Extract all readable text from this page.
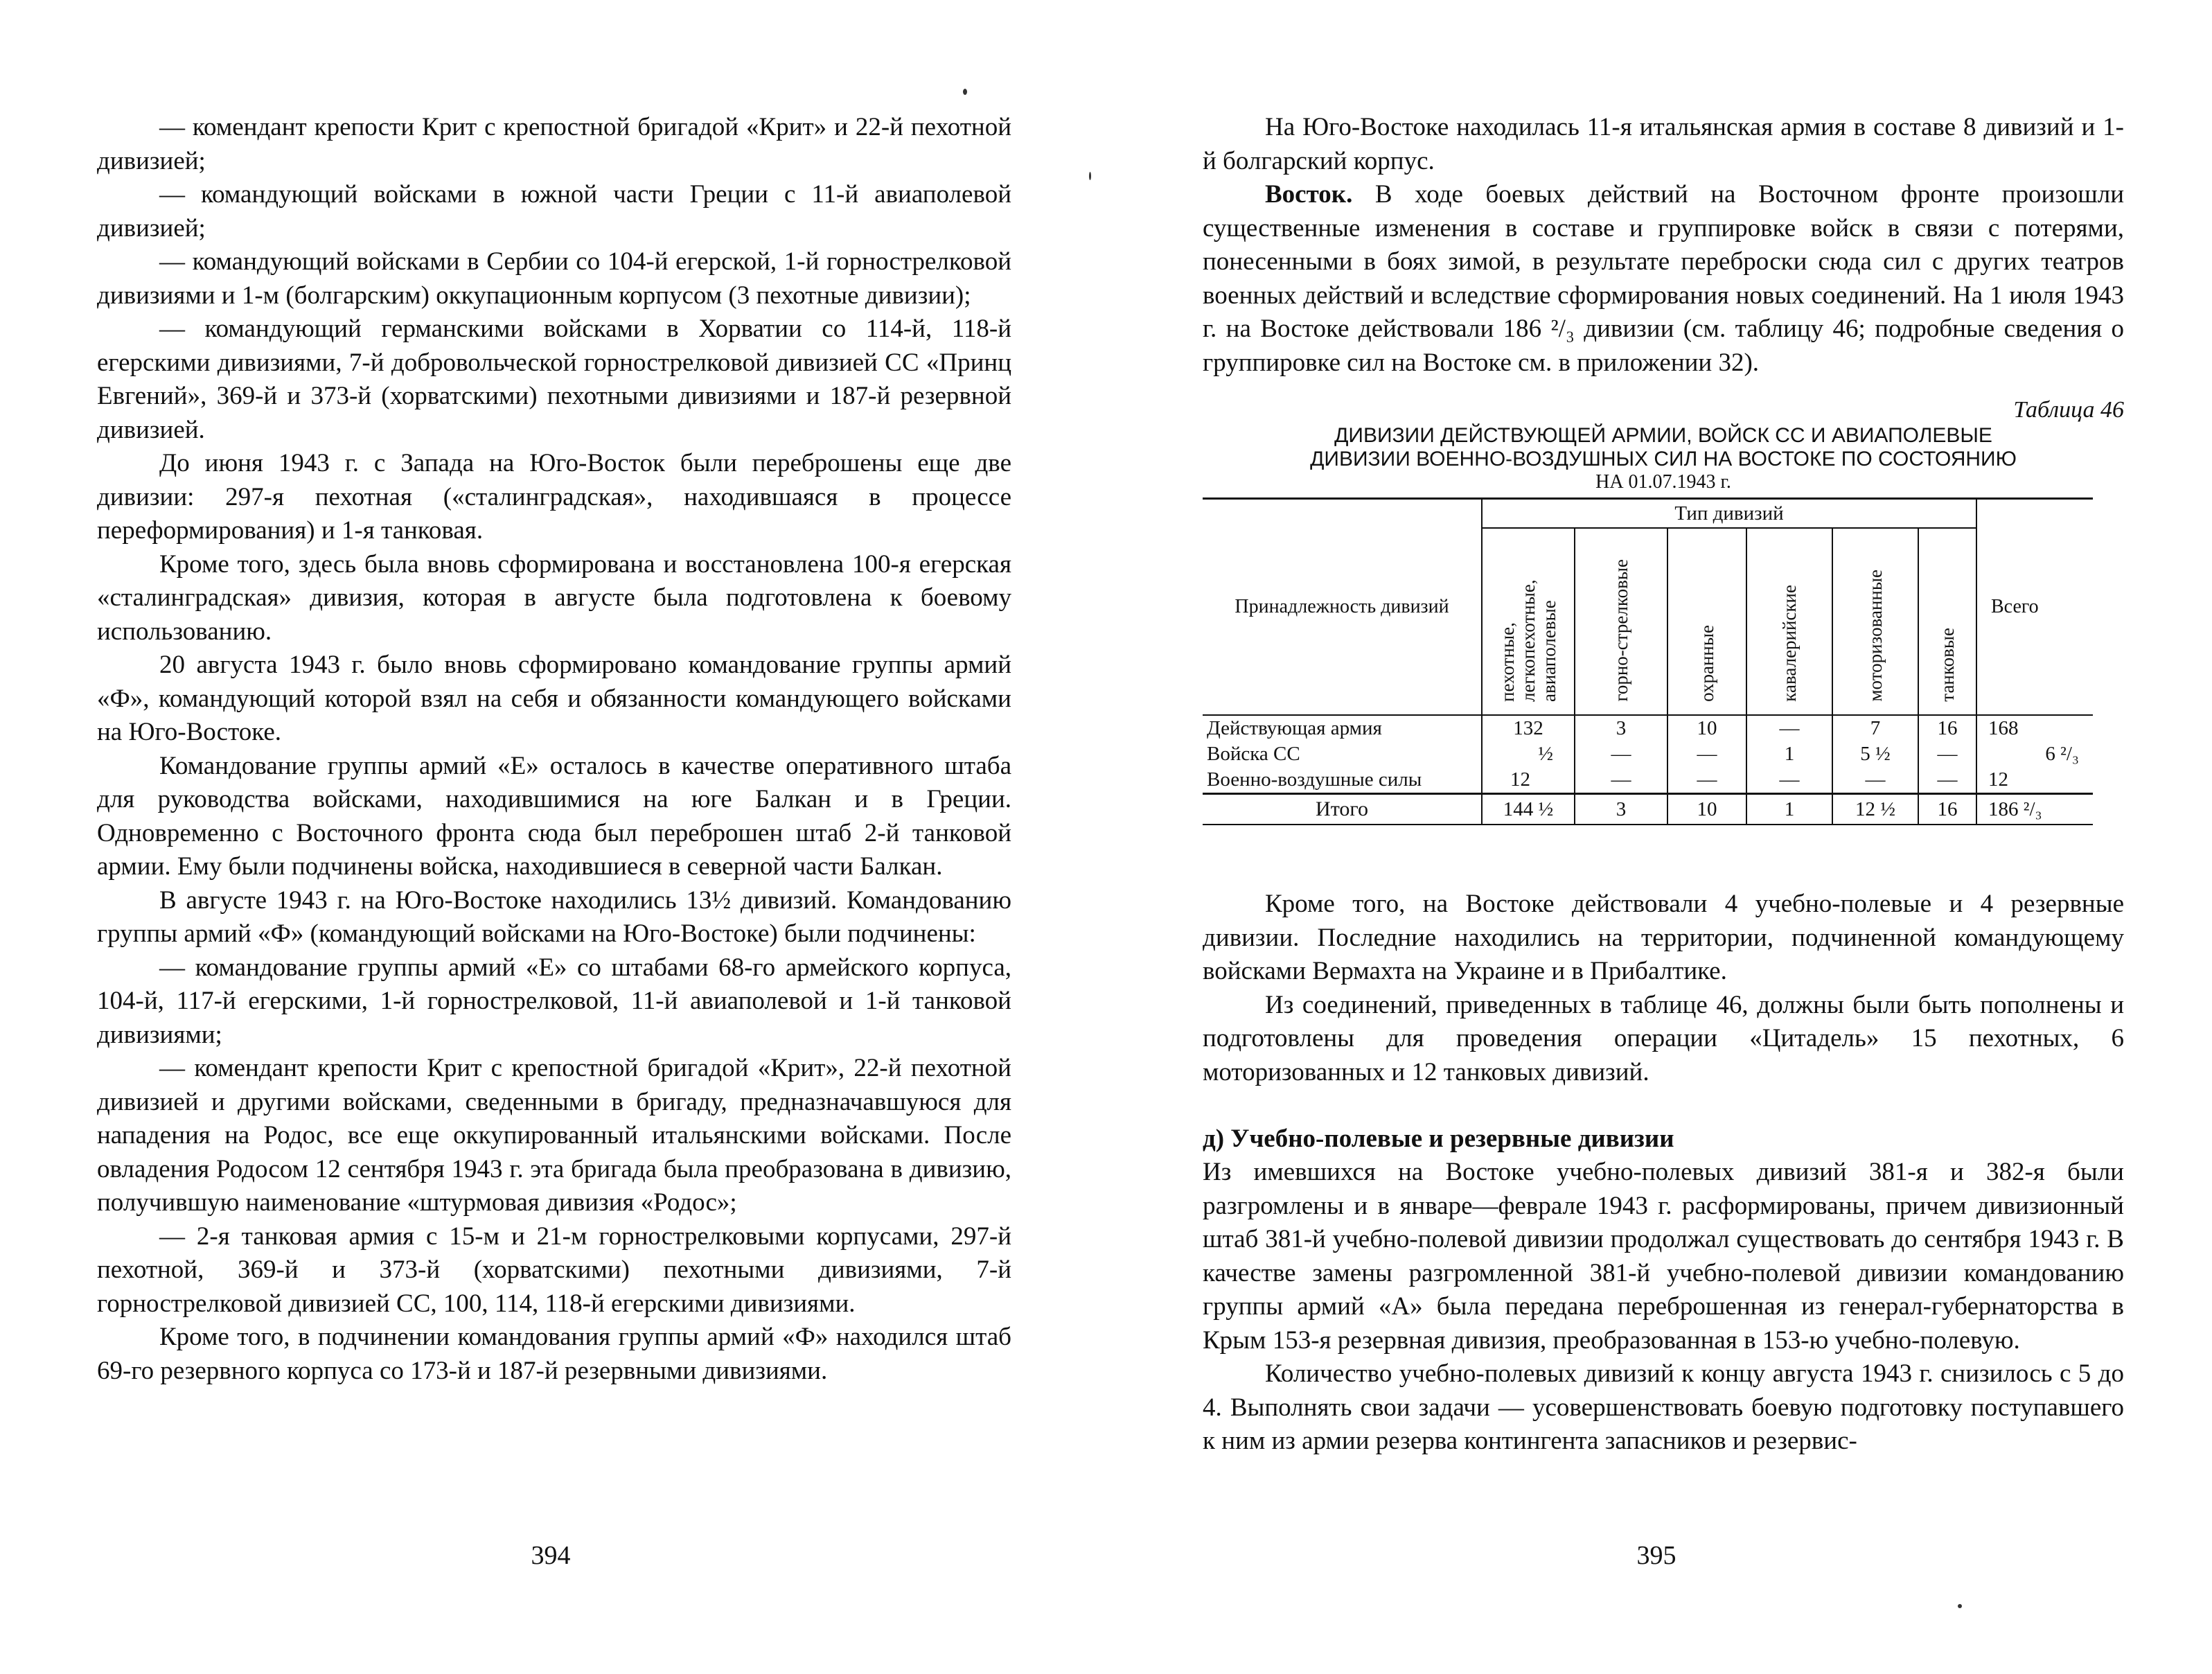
— комендант крепости Крит с крепостной бригадой «Крит» и 22-й пехотной дивизией;

— командующий войсками в южной части Греции с 11-й авиаполевой дивизией;

— командующий войсками в Сербии со 104-й егерской, 1-й горнострелковой дивизиями и 1-м (болгарским) оккупационным корпусом (3 пехотные дивизии);

— командующий германскими войсками в Хорватии со 114-й, 118-й егерскими дивизиями, 7-й добровольческой горнострелковой дивизией СС «Принц Евгений», 369-й и 373-й (хорватскими) пехотными дивизиями и 187-й резервной дивизией.

До июня 1943 г. с Запада на Юго-Восток были переброшены еще две дивизии: 297-я пехотная («сталинградская», находившаяся в процессе переформирования) и 1-я танковая.

Кроме того, здесь была вновь сформирована и восстановлена 100-я егерская «сталинградская» дивизия, которая в августе была подготовлена к боевому использованию.

20 августа 1943 г. было вновь сформировано командование группы армий «Ф», командующий которой взял на себя и обязанности командующего войсками на Юго-Востоке.

Командование группы армий «Е» осталось в качестве оперативного штаба для руководства войсками, находившимися на юге Балкан и в Греции. Одновременно с Восточного фронта сюда был переброшен штаб 2-й танковой армии. Ему были подчинены войска, находившиеся в северной части Балкан.

В августе 1943 г. на Юго-Востоке находились 13½ дивизий. Командованию группы армий «Ф» (командующий войсками на Юго-Востоке) были подчинены:

— командование группы армий «Е» со штабами 68-го армейского корпуса, 104-й, 117-й егерскими, 1-й горнострелковой, 11-й авиаполевой и 1-й танковой дивизиями;

— комендант крепости Крит с крепостной бригадой «Крит», 22-й пехотной дивизией и другими войсками, сведенными в бригаду, предназначавшуюся для нападения на Родос, все еще оккупированный итальянскими войсками. После овладения Родосом 12 сентября 1943 г. эта бригада была преобразована в дивизию, получившую наименование «штурмовая дивизия «Родос»;

— 2-я танковая армия с 15-м и 21-м горнострелковыми корпусами, 297-й пехотной, 369-й и 373-й (хорватскими) пехотными дивизиями, 7-й горнострелковой дивизией СС, 100, 114, 118-й егерскими дивизиями.

Кроме того, в подчинении командования группы армий «Ф» находился штаб 69-го резервного корпуса со 173-й и 187-й резервными дивизиями.

394

На Юго-Востоке находилась 11-я итальянская армия в составе 8 дивизий и 1-й болгарский корпус.

Восток. В ходе боевых действий на Восточном фронте произошли существенные изменения в составе и группировке войск в связи с потерями, понесенными в боях зимой, в результате переброски сюда сил с других театров военных действий и вследствие сформирования новых соединений. На 1 июля 1943 г. на Востоке действовали 186 ²/₃ дивизии (см. таблицу 46; подробные сведения о группировке сил на Востоке см. в приложении 32).

Таблица 46
ДИВИЗИИ ДЕЙСТВУЮЩЕЙ АРМИИ, ВОЙСК СС И АВИАПОЛЕВЫЕ
ДИВИЗИИ ВОЕННО-ВОЗДУШНЫХ СИЛ НА ВОСТОКЕ ПО СОСТОЯНИЮ
НА 01.07.1943 г.
Принадлежность дивизий	Тип дивизий						Всего
	пехотные, легкопехотные, авиаполевые	горно-стрелковые	охранные	кавалерийские	моторизованные	танковые	
Действующая армия	132	3	10	—	7	16	168
Войска СС	½	—	—	1	5 ½	—	6 ²/₃
Военно-воздушные силы	12	—	—	—	—	—	12
Итого	144 ½	3	10	1	12 ½	16	186 ²/₃

Кроме того, на Востоке действовали 4 учебно-полевые и 4 резервные дивизии. Последние находились на территории, подчиненной командующему войсками Вермахта на Украине и в Прибалтике.

Из соединений, приведенных в таблице 46, должны были быть пополнены и подготовлены для проведения операции «Цитадель» 15 пехотных, 6 моторизованных и 12 танковых дивизий.

д) Учебно-полевые и резервные дивизии

Из имевшихся на Востоке учебно-полевых дивизий 381-я и 382-я были разгромлены и в январе—феврале 1943 г. расформированы, причем дивизионный штаб 381-й учебно-полевой дивизии продолжал существовать до сентября 1943 г. В качестве замены разгромленной 381-й учебно-полевой дивизии командованию группы армий «А» была передана переброшенная из генерал-губернаторства в Крым 153-я резервная дивизия, преобразованная в 153-ю учебно-полевую.

Количество учебно-полевых дивизий к концу августа 1943 г. снизилось с 5 до 4. Выполнять свои задачи — усовершенствовать боевую подготовку поступавшего к ним из армии резерва контингента запасников и резервис-

395
